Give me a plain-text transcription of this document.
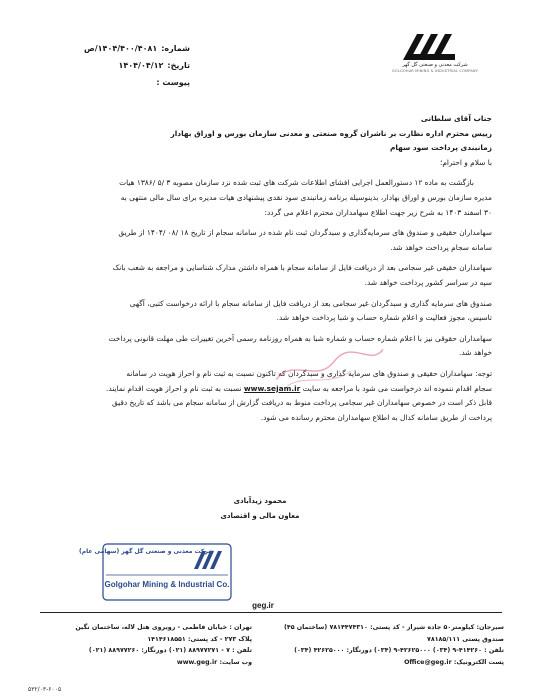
شرکت معدنی و صنعتی گل گهر
GOLGOHAR MINING & INDUSTRIAL COMPANY
شماره:
۱۴۰۴/۴۰۰/۴۰۸۱/ص
تاریخ:
۱۴۰۴/۰۴/۱۲
پیوست :
جناب آقای سلطانی
رییس محترم اداره نظارت بر ناشران گروه صنعتی و معدنی سازمان بورس و اوراق بهادار
زمانبندی پرداخت سود سهام
با سلام و احترام؛
بازگشت به ماده ۱۲ دستورالعمل اجرایی افشای اطلاعات شرکت های ثبت شده نزد سازمان مصوبه ۳ /۵ /۱۳۸۶ هیات
مدیره سازمان بورس و اوراق بهادار، بدینوسیله برنامه زمانبندی سود نقدی پیشنهادی هیات مدیره برای سال مالی منتهی به
۳۰ اسفند ۱۴۰۳ به شرح زیر جهت اطلاع سهامداران محترم اعلام می گردد:
سهامداران حقیقی و صندوق های سرمایه‌گذاری و سبدگردان ثبت نام شده در سامانه سجام از تاریخ ۱۸ /۰۸ /۱۴۰۴ از طریق
سامانه سجام پرداخت خواهد شد.
سهامداران حقیقی غیر سجامی بعد از دریافت فایل از سامانه سجام با همراه داشتن مدارک شناسایی و مراجعه به شعب بانک
سپه در سراسر کشور پرداخت خواهد شد.
صندوق های سرمایه گذاری و سبدگردان غیر سجامی بعد از دریافت فایل از سامانه سجام با ارائه درخواست کتبی، آگهی
تاسیس، مجوز فعالیت و اعلام شماره حساب و شبا پرداخت خواهد شد.
سهامداران حقوقی نیز با اعلام شماره حساب و شماره شبا به همراه روزنامه رسمی آخرین تغییرات طی مهلت قانونی پرداخت
خواهد شد.
توجه: سهامداران حقیقی و صندوق های سرمایه گذاری و سبدگردان که تاکنون نسبت به ثبت نام و احراز هویت در سامانه
سجام اقدام ننموده اند درخواست می شود با مراجعه به سایت www.sejam.ir نسبت به ثبت نام و احراز هویت اقدام نمایند.
قابل ذکر است در خصوص سهامداران غیر سجامی پرداخت منوط به دریافت گزارش از سامانه سجام می باشد که تاریخ دقیق
پرداخت از طریق سامانه کدال به اطلاع سهامداران محترم رسانده می شود.
محمود زیدآبادی
معاون مالی و اقتصادی
شرکت معدنی و صنعتی گل گهر (سهامی عام)
Golgohar Mining & Industrial Co.
geg.ir
سیرجان: کیلومتر۵۰ جاده شیراز - کد پستی: ۷۸۱۴۴۷۴۳۱۰ (ساختمان ۴۵)
صندوق پستی ۷۸۱۸۵/۱۱۱
تلفن : ۴۱۴۲۶۰-۹ (۰۳۴) ۴۲۶۲۵۰۰۰-۹ (۰۳۴) دورنگار: ۴۲۶۲۵۰۰۰ (۰۳۴)
پست الکترونیک: Office@geg.ir
تهران : خیابان فاطمی - روبروی هتل لاله، ساختمان نگین
پلاک ۲۷۳ - کد پستی: ۱۴۱۴۶۱۸۵۵۱
تلفن : ۷ - ۸۸۹۷۷۲۷۱ (۰۲۱) دورنگار: ۸۸۹۷۷۲۶۰ (۰۲۱)
وب سایت: www.geg.ir
۵۳۲/۰۳-۶۰۰۵
